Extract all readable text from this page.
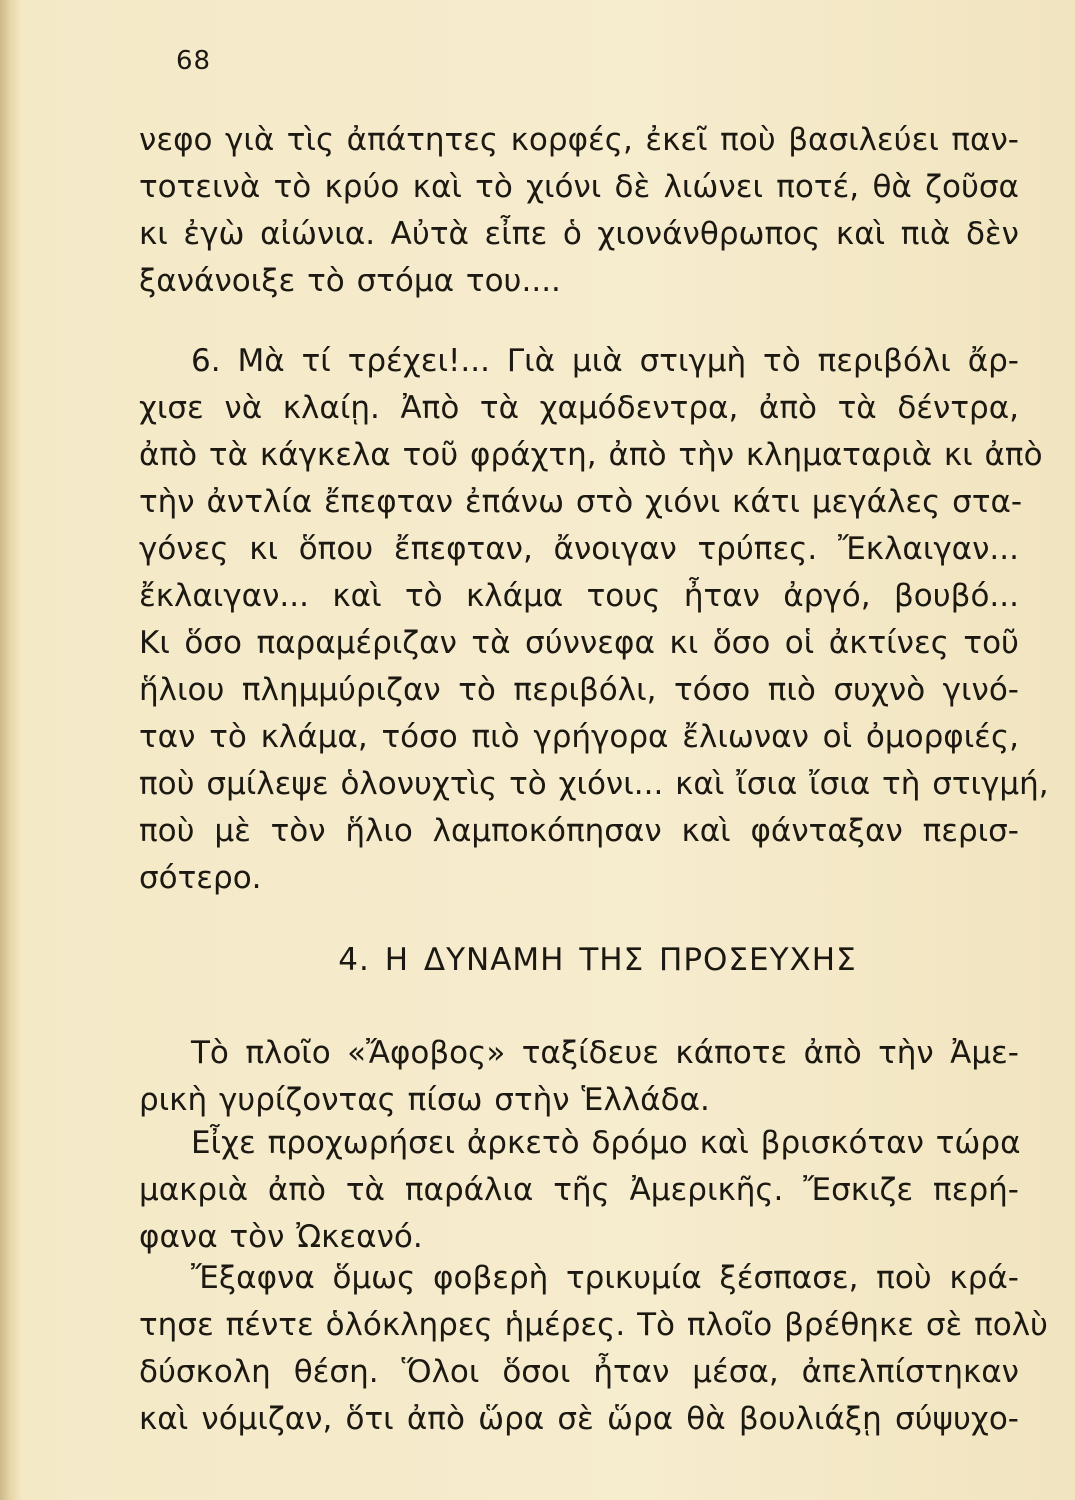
68
νεφο γιὰ τὶς ἀπάτητες κορφές, ἐκεῖ ποὺ βασιλεύει παν-
τοτεινὰ τὸ κρύο καὶ τὸ χιόνι δὲ λιώνει ποτέ, θὰ ζοῦσα
κι ἐγὼ αἰώνια. Αὐτὰ εἶπε ὁ χιονάνθρωπος καὶ πιὰ δὲν
ξανάνοιξε τὸ στόμα του....
6. Μὰ τί τρέχει!... Γιὰ μιὰ στιγμὴ τὸ περιβόλι ἄρ-
χισε νὰ κλαίῃ. Ἀπὸ τὰ χαμόδεντρα, ἀπὸ τὰ δέντρα,
ἀπὸ τὰ κάγκελα τοῦ φράχτη, ἀπὸ τὴν κληματαριὰ κι ἀπὸ
τὴν ἀντλία ἔπεφταν ἐπάνω στὸ χιόνι κάτι μεγάλες στα-
γόνες κι ὅπου ἔπεφταν, ἄνοιγαν τρύπες. Ἔκλαιγαν...
ἔκλαιγαν... καὶ τὸ κλάμα τους ἦταν ἀργό, βουβό...
Κι ὅσο παραμέριζαν τὰ σύννεφα κι ὅσο οἱ ἀκτίνες τοῦ
ἥλιου πλημμύριζαν τὸ περιβόλι, τόσο πιὸ συχνὸ γινό-
ταν τὸ κλάμα, τόσο πιὸ γρήγορα ἔλιωναν οἱ ὀμορφιές,
ποὺ σμίλεψε ὁλονυχτὶς τὸ χιόνι... καὶ ἴσια ἴσια τὴ στιγμή,
ποὺ μὲ τὸν ἥλιο λαμποκόπησαν καὶ φάνταξαν περισ-
σότερο.
4. Η ΔΥΝΑΜΗ ΤΗΣ ΠΡΟΣΕΥΧΗΣ
Τὸ πλοῖο «Ἄφοβος» ταξίδευε κάποτε ἀπὸ τὴν Ἀμε-
ρικὴ γυρίζοντας πίσω στὴν Ἑλλάδα.
Εἶχε προχωρήσει ἀρκετὸ δρόμο καὶ βρισκόταν τώρα
μακριὰ ἀπὸ τὰ παράλια τῆς Ἀμερικῆς. Ἔσκιζε περή-
φανα τὸν Ὠκεανό.
Ἔξαφνα ὅμως φοβερὴ τρικυμία ξέσπασε, ποὺ κρά-
τησε πέντε ὁλόκληρες ἡμέρες. Τὸ πλοῖο βρέθηκε σὲ πολὺ
δύσκολη θέση. Ὅλοι ὅσοι ἦταν μέσα, ἀπελπίστηκαν
καὶ νόμιζαν, ὅτι ἀπὸ ὥρα σὲ ὥρα θὰ βουλιάξῃ σύψυχο-
